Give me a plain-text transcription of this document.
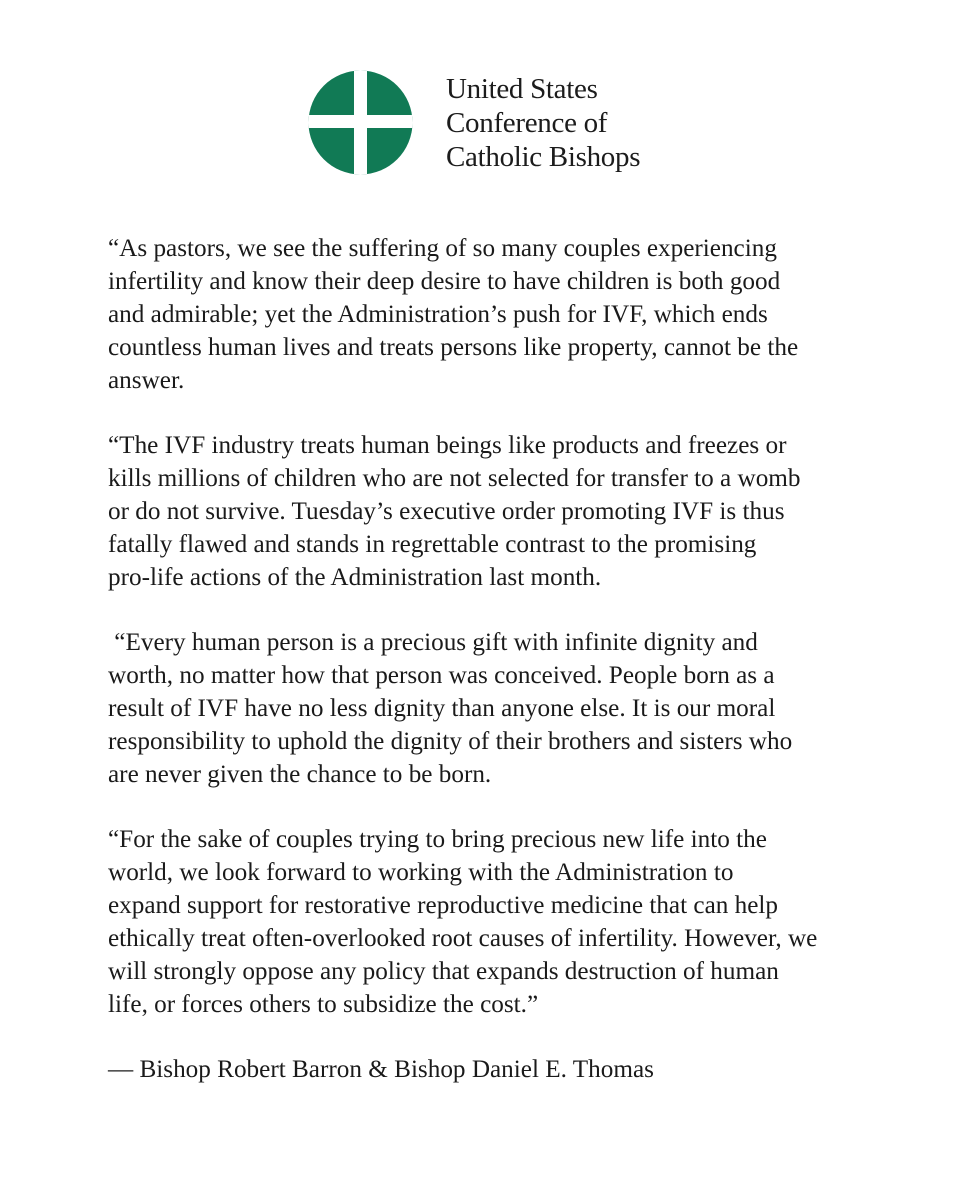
United States
Conference of
Catholic Bishops

“As pastors, we see the suffering of so many couples experiencing
infertility and know their deep desire to have children is both good
and admirable; yet the Administration’s push for IVF, which ends
countless human lives and treats persons like property, cannot be the
answer.

“The IVF industry treats human beings like products and freezes or
kills millions of children who are not selected for transfer to a womb
or do not survive. Tuesday’s executive order promoting IVF is thus
fatally flawed and stands in regrettable contrast to the promising
pro-life actions of the Administration last month.

“Every human person is a precious gift with infinite dignity and
worth, no matter how that person was conceived. People born as a
result of IVF have no less dignity than anyone else. It is our moral
responsibility to uphold the dignity of their brothers and sisters who
are never given the chance to be born.

“For the sake of couples trying to bring precious new life into the
world, we look forward to working with the Administration to
expand support for restorative reproductive medicine that can help
ethically treat often-overlooked root causes of infertility. However, we
will strongly oppose any policy that expands destruction of human
life, or forces others to subsidize the cost.”

— Bishop Robert Barron & Bishop Daniel E. Thomas
